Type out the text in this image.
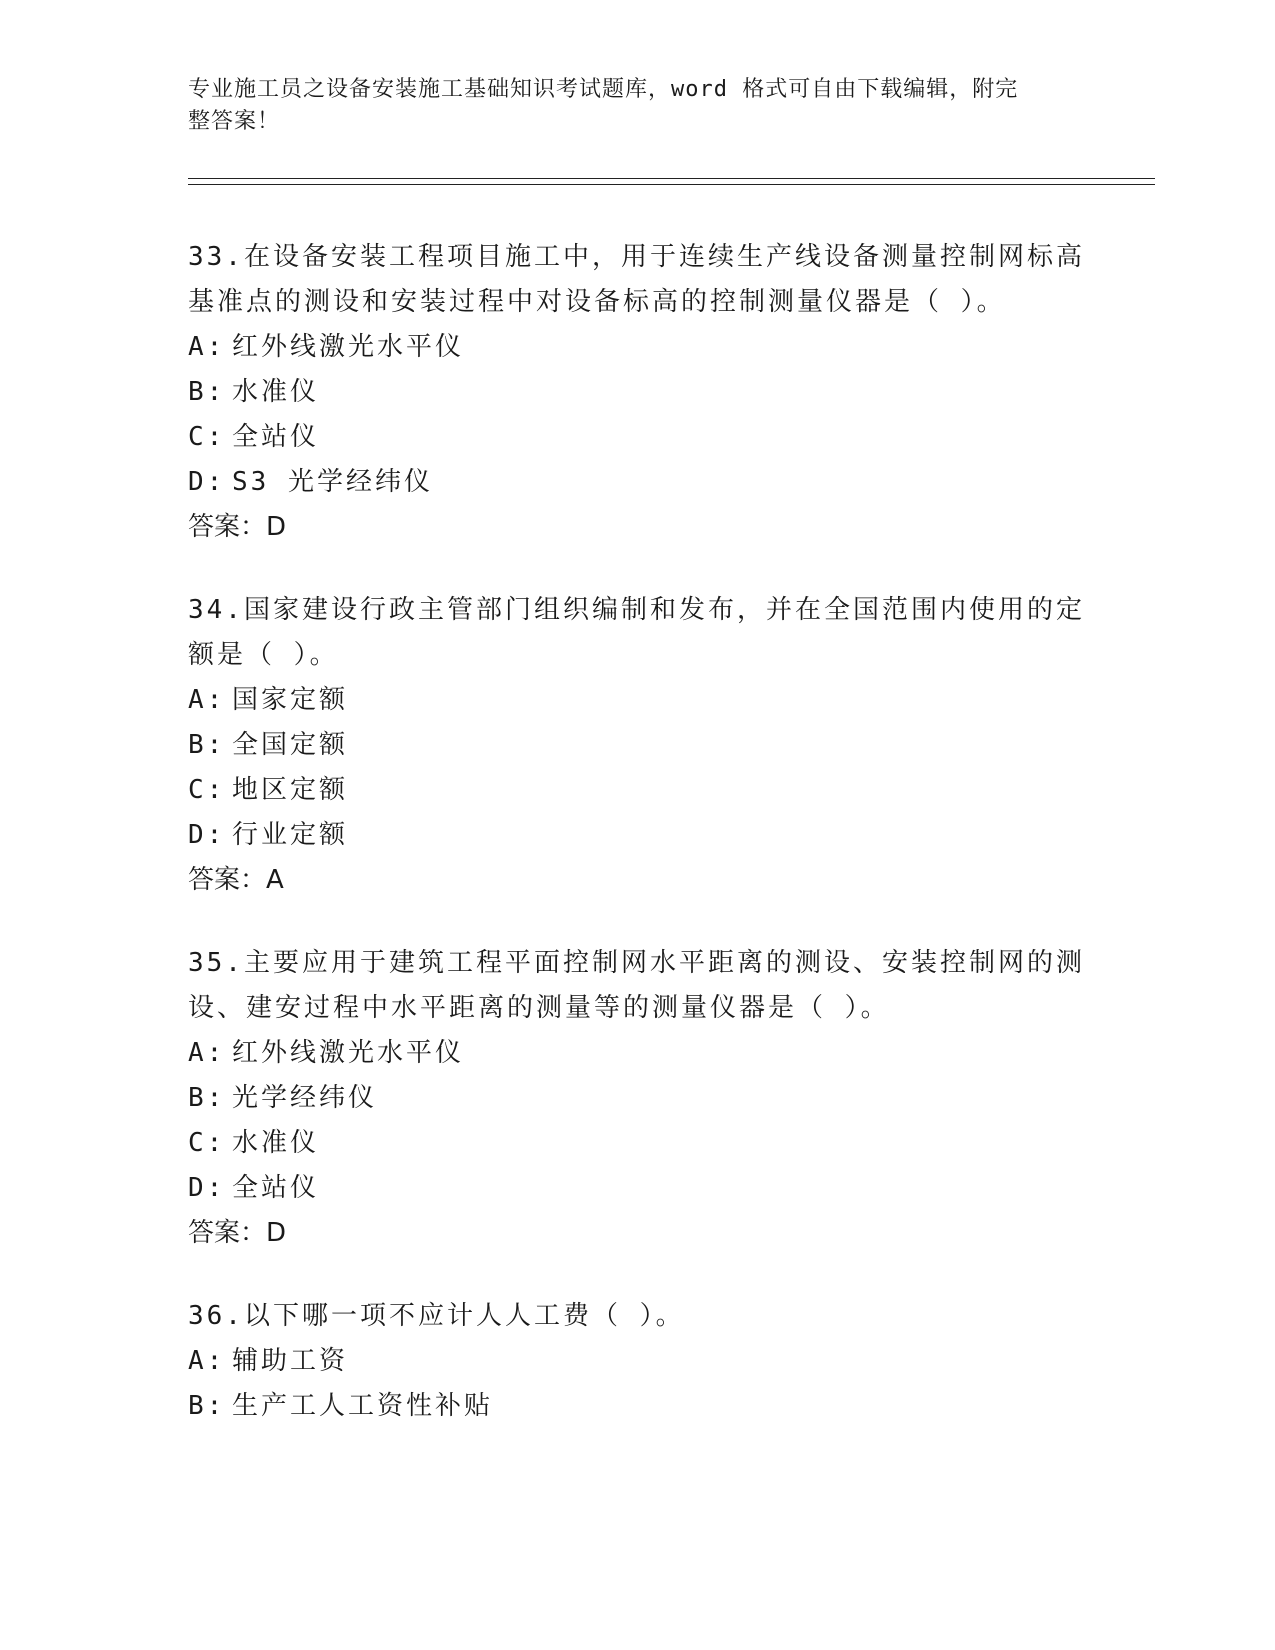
专业施工员之设备安装施工基础知识考试题库，word 格式可自由下载编辑，附完
整答案！

33.在设备安装工程项目施工中，用于连续生产线设备测量控制网标高基准点的测设和安装过程中对设备标高的控制测量仪器是（ ）。

A: 红外线激光水平仪

B: 水准仪

C: 全站仪

D: S3 光学经纬仪

答案：D

34.国家建设行政主管部门组织编制和发布，并在全国范围内使用的定额是（ ）。

A: 国家定额

B: 全国定额

C: 地区定额

D: 行业定额

答案：A

35.主要应用于建筑工程平面控制网水平距离的测设、安装控制网的测设、建安过程中水平距离的测量等的测量仪器是（ ）。

A: 红外线激光水平仪

B: 光学经纬仪

C: 水准仪

D: 全站仪

答案：D

36.以下哪一项不应计人人工费（ ）。

A: 辅助工资

B: 生产工人工资性补贴
